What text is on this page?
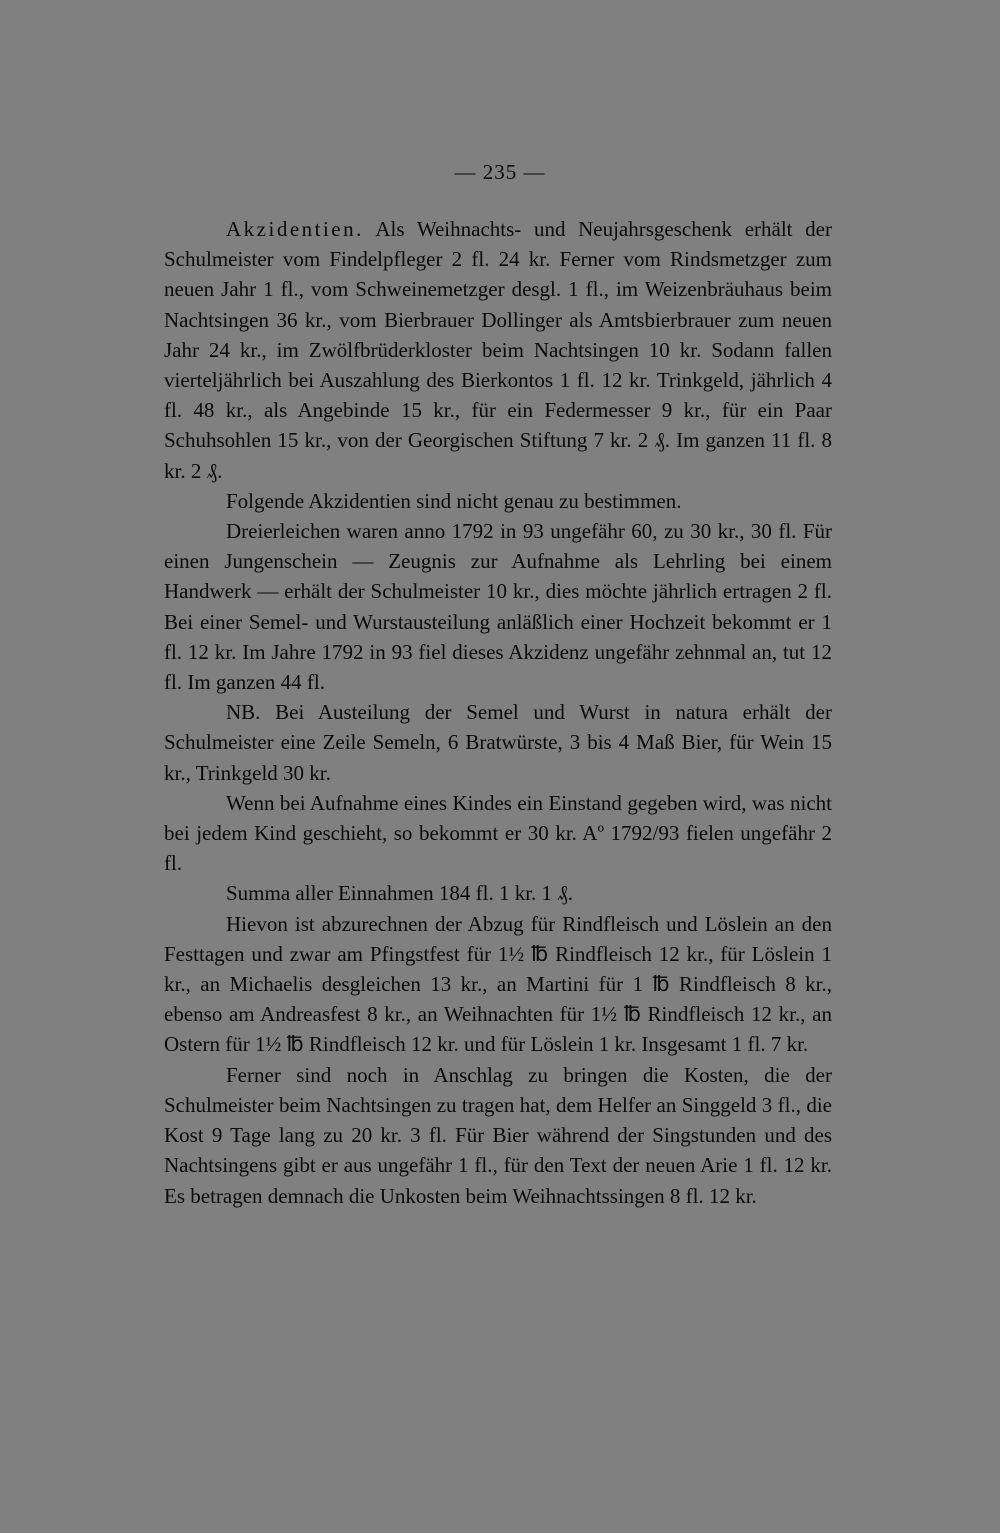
— 235 —

Akzidentien. Als Weihnachts- und Neujahrsgeschenk erhält der Schulmeister vom Findelpfleger 2 fl. 24 kr. Ferner vom Rindsmetzger zum neuen Jahr 1 fl., vom Schweinemetzger desgl. 1 fl., im Weizenbräuhaus beim Nachtsingen 36 kr., vom Bierbrauer Dollinger als Amtsbierbrauer zum neuen Jahr 24 kr., im Zwölfbrüderkloster beim Nachtsingen 10 kr. Sodann fallen vierteljährlich bei Auszahlung des Bierkontos 1 fl. 12 kr. Trinkgeld, jährlich 4 fl. 48 kr., als Angebinde 15 kr., für ein Federmesser 9 kr., für ein Paar Schuhsohlen 15 kr., von der Georgischen Stiftung 7 kr. 2 ₰. Im ganzen 11 fl. 8 kr. 2 ₰.

Folgende Akzidentien sind nicht genau zu bestimmen.

Dreierleichen waren anno 1792 in 93 ungefähr 60, zu 30 kr., 30 fl. Für einen Jungenschein — Zeugnis zur Aufnahme als Lehrling bei einem Handwerk — erhält der Schulmeister 10 kr., dies möchte jährlich ertragen 2 fl. Bei einer Semel- und Wurstausteilung anläßlich einer Hochzeit bekommt er 1 fl. 12 kr. Im Jahre 1792 in 93 fiel dieses Akzidenz ungefähr zehnmal an, tut 12 fl. Im ganzen 44 fl.

NB. Bei Austeilung der Semel und Wurst in natura erhält der Schulmeister eine Zeile Semeln, 6 Bratwürste, 3 bis 4 Maß Bier, für Wein 15 kr., Trinkgeld 30 kr.

Wenn bei Aufnahme eines Kindes ein Einstand gegeben wird, was nicht bei jedem Kind geschieht, so bekommt er 30 kr. Aº 1792/93 fielen ungefähr 2 fl.

Summa aller Einnahmen 184 fl. 1 kr. 1 ₰.

Hievon ist abzurechnen der Abzug für Rindfleisch und Löslein an den Festtagen und zwar am Pfingstfest für 1½ ℔ Rindfleisch 12 kr., für Löslein 1 kr., an Michaelis desgleichen 13 kr., an Martini für 1 ℔ Rindfleisch 8 kr., ebenso am Andreasfest 8 kr., an Weihnachten für 1½ ℔ Rindfleisch 12 kr., an Ostern für 1½ ℔ Rindfleisch 12 kr. und für Löslein 1 kr. Insgesamt 1 fl. 7 kr.

Ferner sind noch in Anschlag zu bringen die Kosten, die der Schulmeister beim Nachtsingen zu tragen hat, dem Helfer an Singgeld 3 fl., die Kost 9 Tage lang zu 20 kr. 3 fl. Für Bier während der Singstunden und des Nachtsingens gibt er aus ungefähr 1 fl., für den Text der neuen Arie 1 fl. 12 kr. Es betragen demnach die Unkosten beim Weihnachtssingen 8 fl. 12 kr.
